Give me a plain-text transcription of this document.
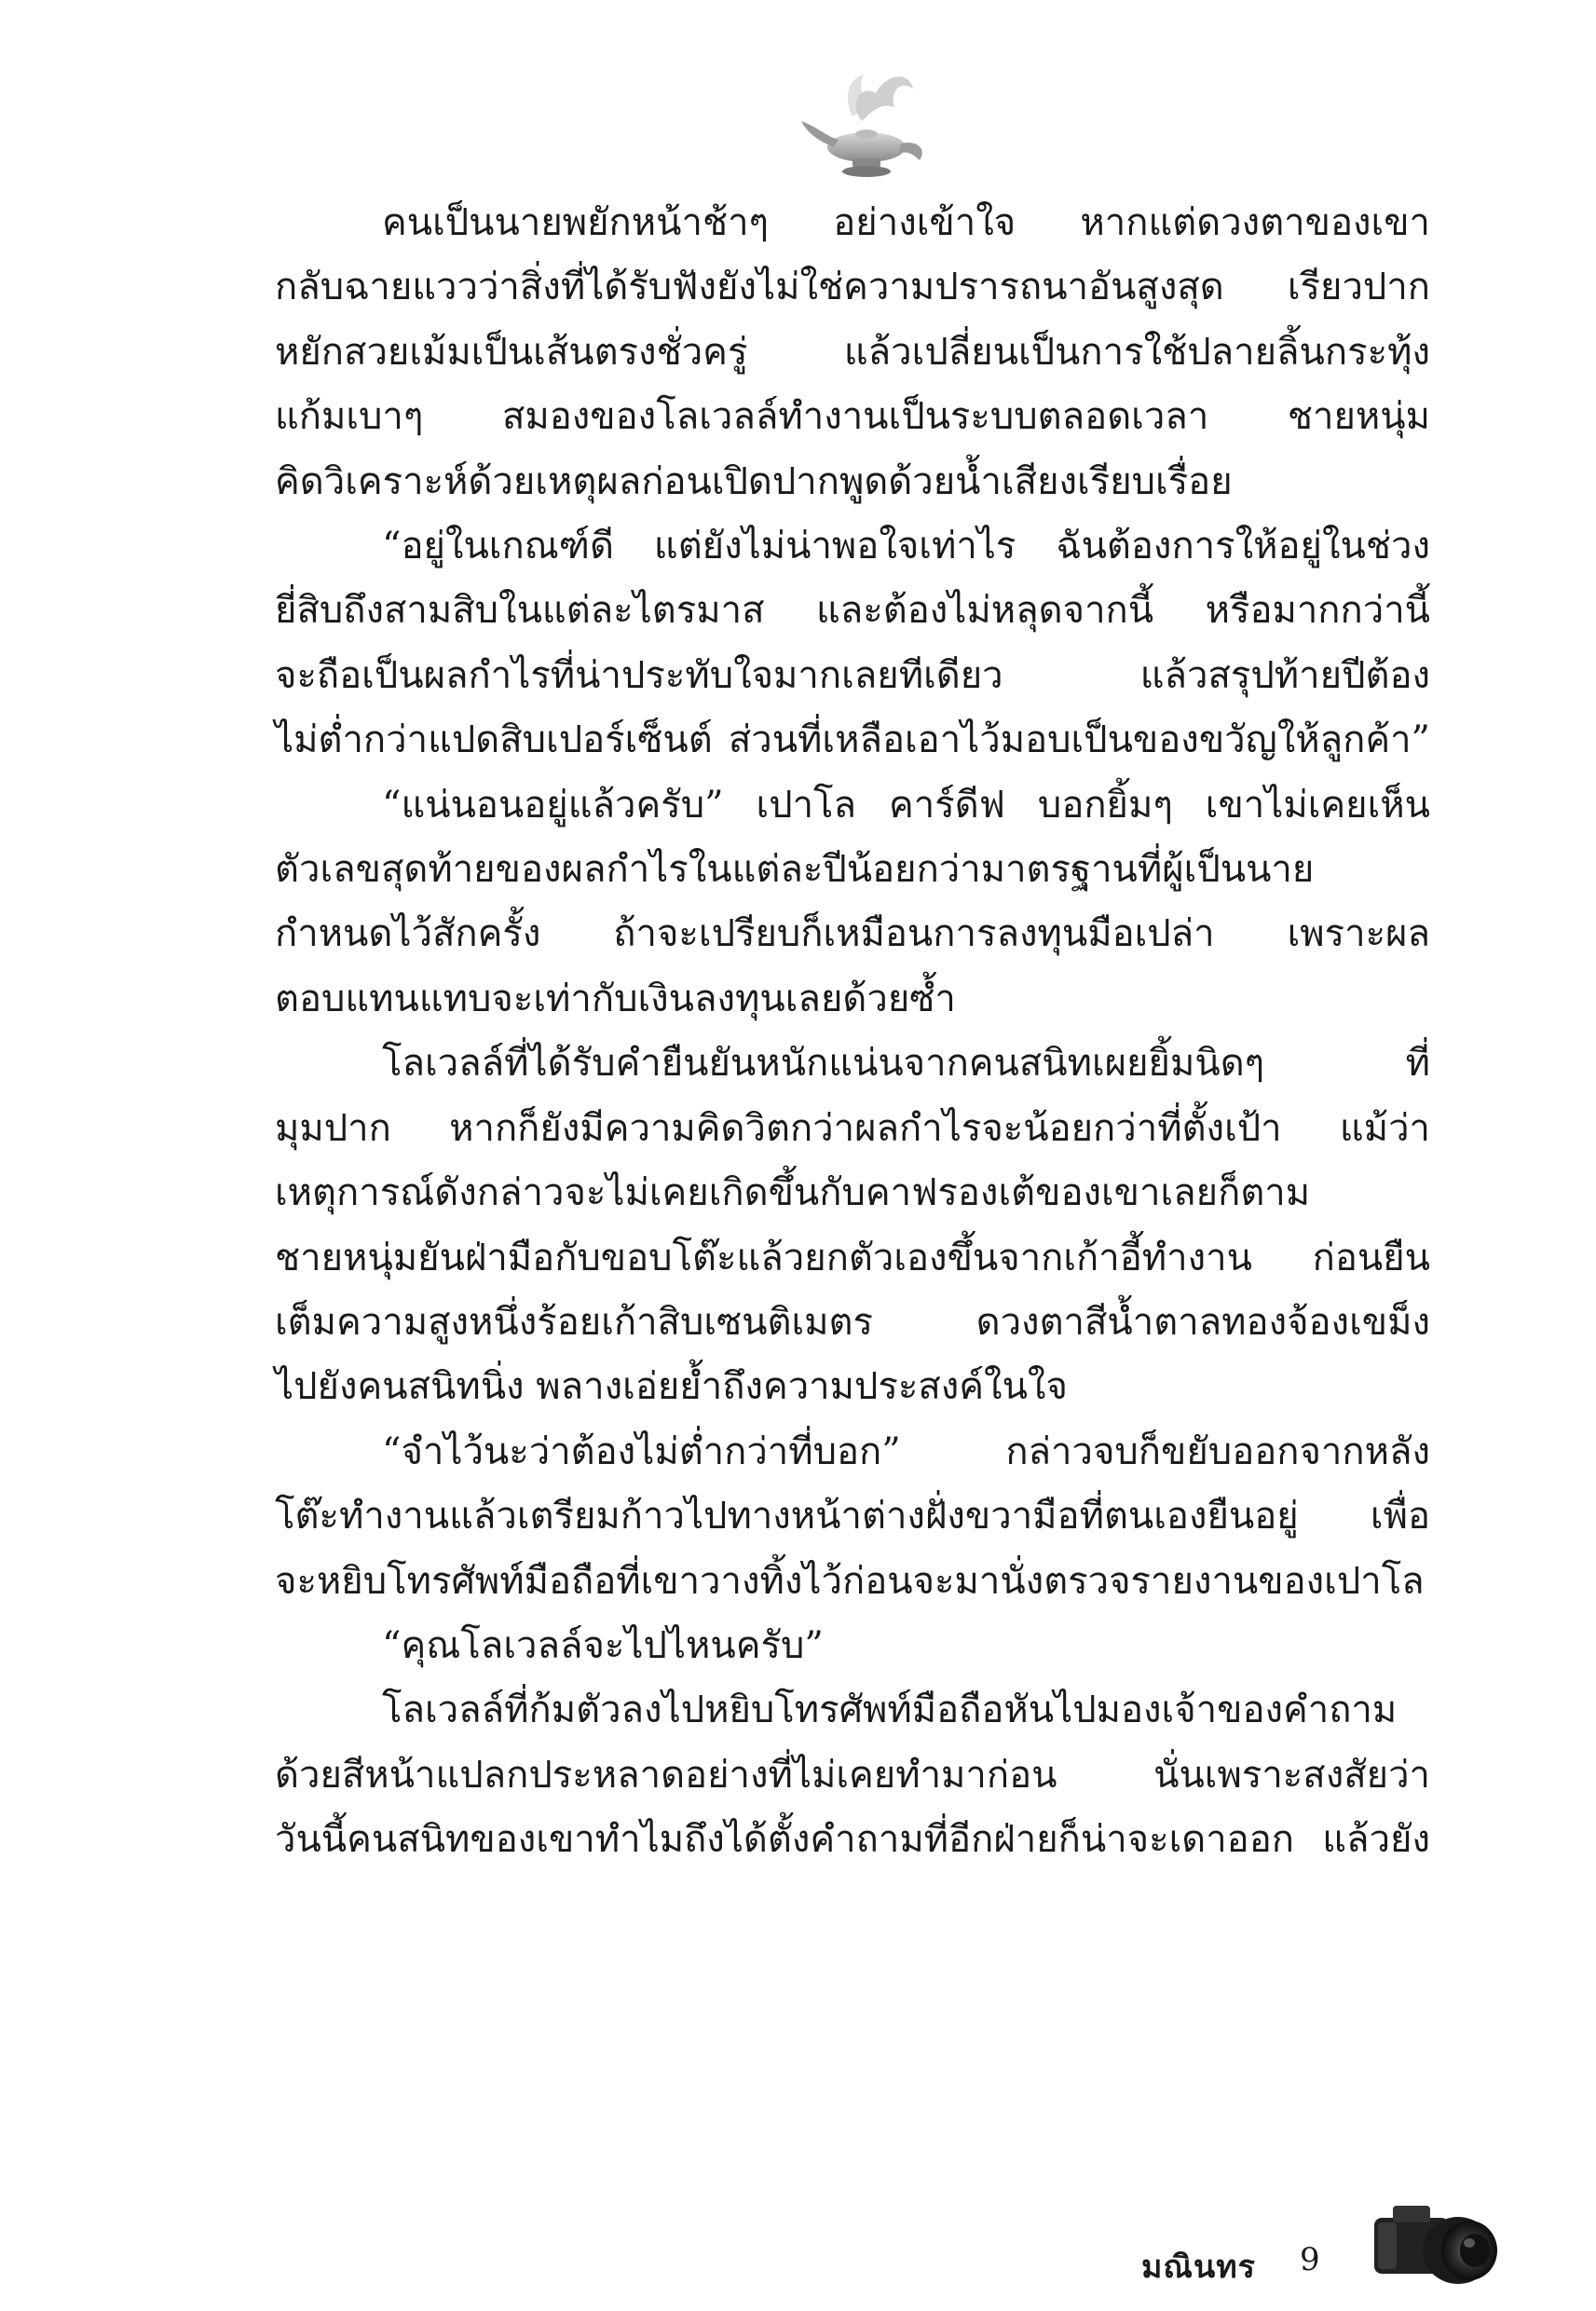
คนเป็นนายพยักหน้าช้าๆ อย่างเข้าใจ หากแต่ดวงตาของเขา
กลับฉายแววว่าสิ่งที่ได้รับฟังยังไม่ใช่ความปรารถนาอันสูงสุด เรียวปาก
หยักสวยเม้มเป็นเส้นตรงชั่วครู่ แล้วเปลี่ยนเป็นการใช้ปลายลิ้นกระทุ้ง
แก้มเบาๆ สมองของโลเวลล์ทำงานเป็นระบบตลอดเวลา ชายหนุ่ม
คิดวิเคราะห์ด้วยเหตุผลก่อนเปิดปากพูดด้วยน้ำเสียงเรียบเรื่อย

“อยู่ในเกณฑ์ดี แต่ยังไม่น่าพอใจเท่าไร ฉันต้องการให้อยู่ในช่วง
ยี่สิบถึงสามสิบในแต่ละไตรมาส และต้องไม่หลุดจากนี้ หรือมากกว่านี้
จะถือเป็นผลกำไรที่น่าประทับใจมากเลยทีเดียว แล้วสรุปท้ายปีต้อง
ไม่ต่ำกว่าแปดสิบเปอร์เซ็นต์ ส่วนที่เหลือเอาไว้มอบเป็นของขวัญให้ลูกค้า”

“แน่นอนอยู่แล้วครับ” เปาโล คาร์ดีฟ บอกยิ้มๆ เขาไม่เคยเห็น
ตัวเลขสุดท้ายของผลกำไรในแต่ละปีน้อยกว่ามาตรฐานที่ผู้เป็นนาย
กำหนดไว้สักครั้ง ถ้าจะเปรียบก็เหมือนการลงทุนมือเปล่า เพราะผล
ตอบแทนแทบจะเท่ากับเงินลงทุนเลยด้วยซ้ำ

โลเวลล์ที่ได้รับคำยืนยันหนักแน่นจากคนสนิทเผยยิ้มนิดๆ ที่
มุมปาก หากก็ยังมีความคิดวิตกว่าผลกำไรจะน้อยกว่าที่ตั้งเป้า แม้ว่า
เหตุการณ์ดังกล่าวจะไม่เคยเกิดขึ้นกับคาฟรองเต้ของเขาเลยก็ตาม
ชายหนุ่มยันฝ่ามือกับขอบโต๊ะแล้วยกตัวเองขึ้นจากเก้าอี้ทำงาน ก่อนยืน
เต็มความสูงหนึ่งร้อยเก้าสิบเซนติเมตร ดวงตาสีน้ำตาลทองจ้องเขม็ง
ไปยังคนสนิทนิ่ง พลางเอ่ยย้ำถึงความประสงค์ในใจ

“จำไว้นะว่าต้องไม่ต่ำกว่าที่บอก” กล่าวจบก็ขยับออกจากหลัง
โต๊ะทำงานแล้วเตรียมก้าวไปทางหน้าต่างฝั่งขวามือที่ตนเองยืนอยู่ เพื่อ
จะหยิบโทรศัพท์มือถือที่เขาวางทิ้งไว้ก่อนจะมานั่งตรวจรายงานของเปาโล

“คุณโลเวลล์จะไปไหนครับ”

โลเวลล์ที่ก้มตัวลงไปหยิบโทรศัพท์มือถือหันไปมองเจ้าของคำถาม
ด้วยสีหน้าแปลกประหลาดอย่างที่ไม่เคยทำมาก่อน นั่นเพราะสงสัยว่า
วันนี้คนสนิทของเขาทำไมถึงได้ตั้งคำถามที่อีกฝ่ายก็น่าจะเดาออก แล้วยัง

มณินทร 9
